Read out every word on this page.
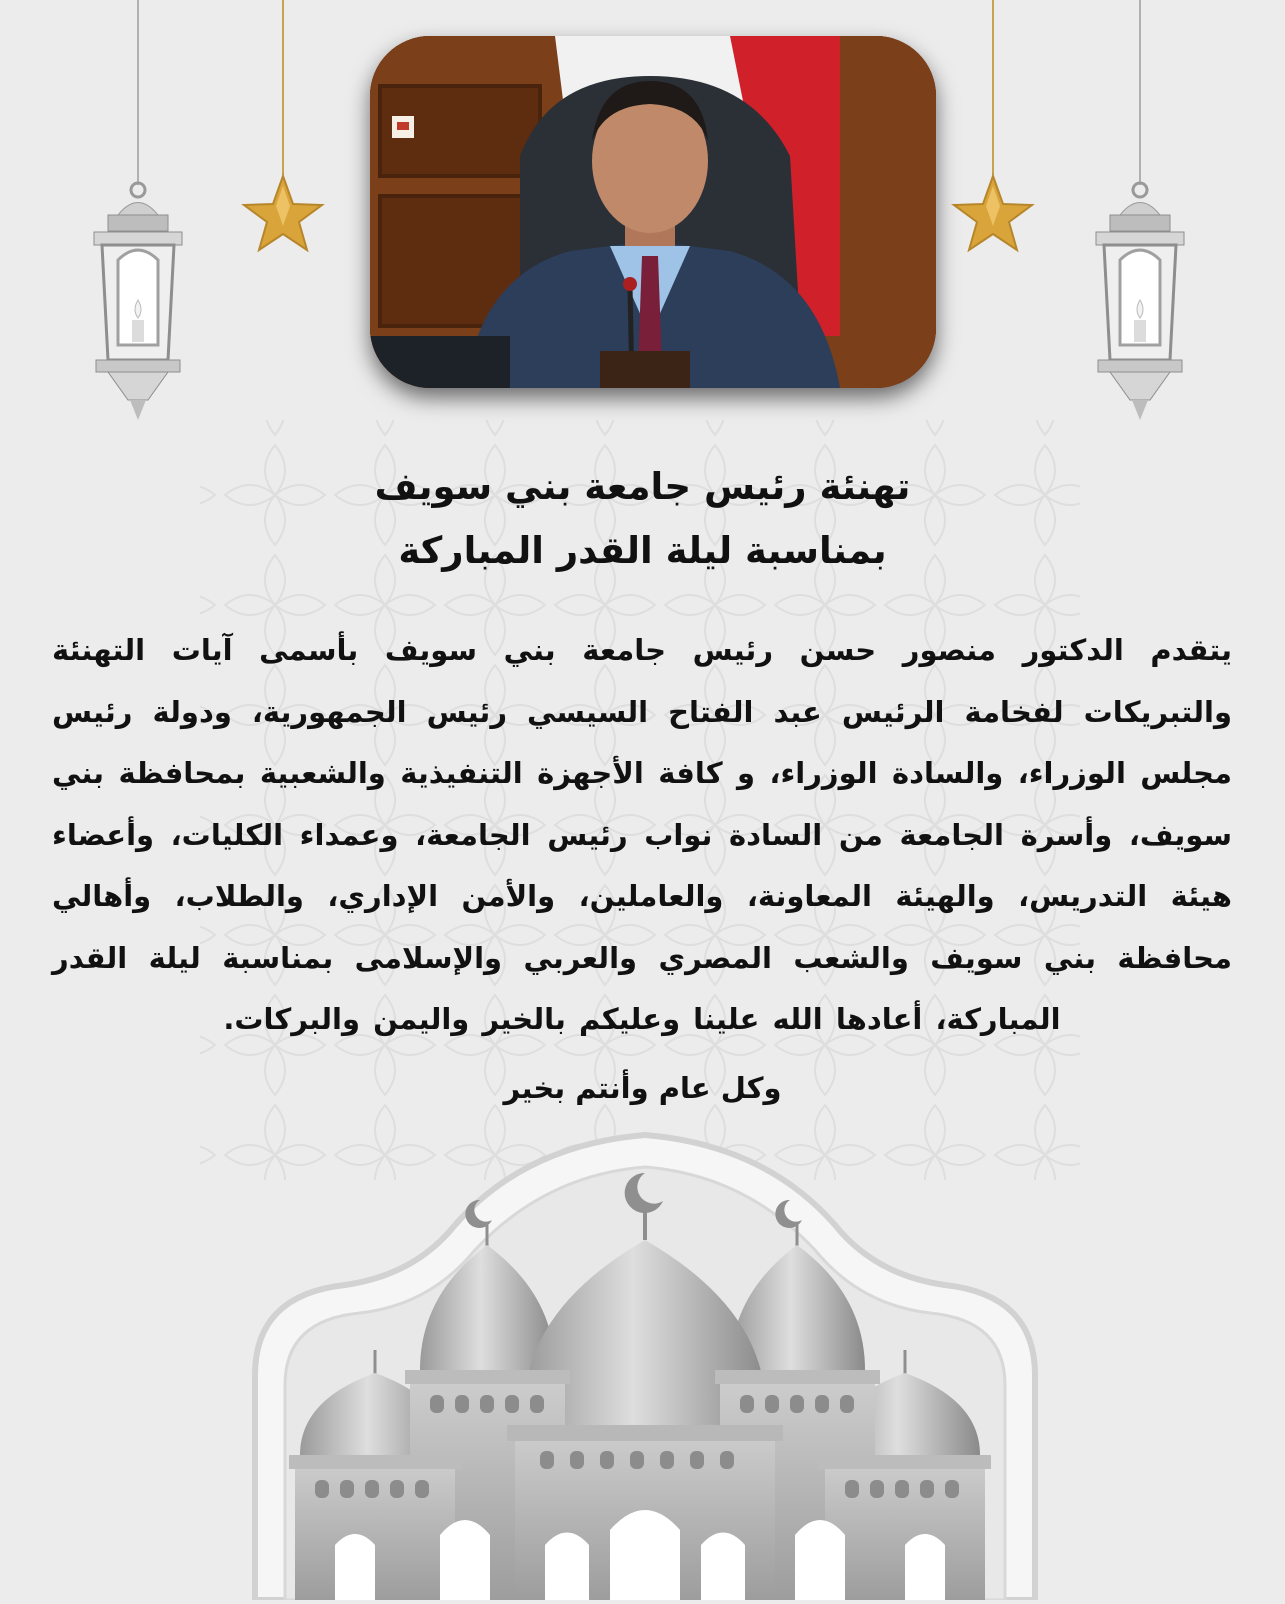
تهنئة رئيس جامعة بني سويف
بمناسبة ليلة القدر المباركة
يتقدم الدكتور منصور حسن رئيس جامعة بني سويف بأسمى آيات التهنئة والتبريكات لفخامة الرئيس عبد الفتاح السيسي رئيس الجمهورية، ودولة رئيس مجلس الوزراء، والسادة الوزراء، و كافة الأجهزة التنفيذية والشعبية بمحافظة بني سويف، وأسرة الجامعة من السادة نواب رئيس الجامعة، وعمداء الكليات، وأعضاء هيئة التدريس، والهيئة المعاونة، والعاملين، والأمن الإداري، والطلاب، وأهالي محافظة بني سويف والشعب المصري والعربي والإسلامى بمناسبة ليلة القدر المباركة، أعادها الله علينا وعليكم بالخير واليمن والبركات.
وكل عام وأنتم بخير
